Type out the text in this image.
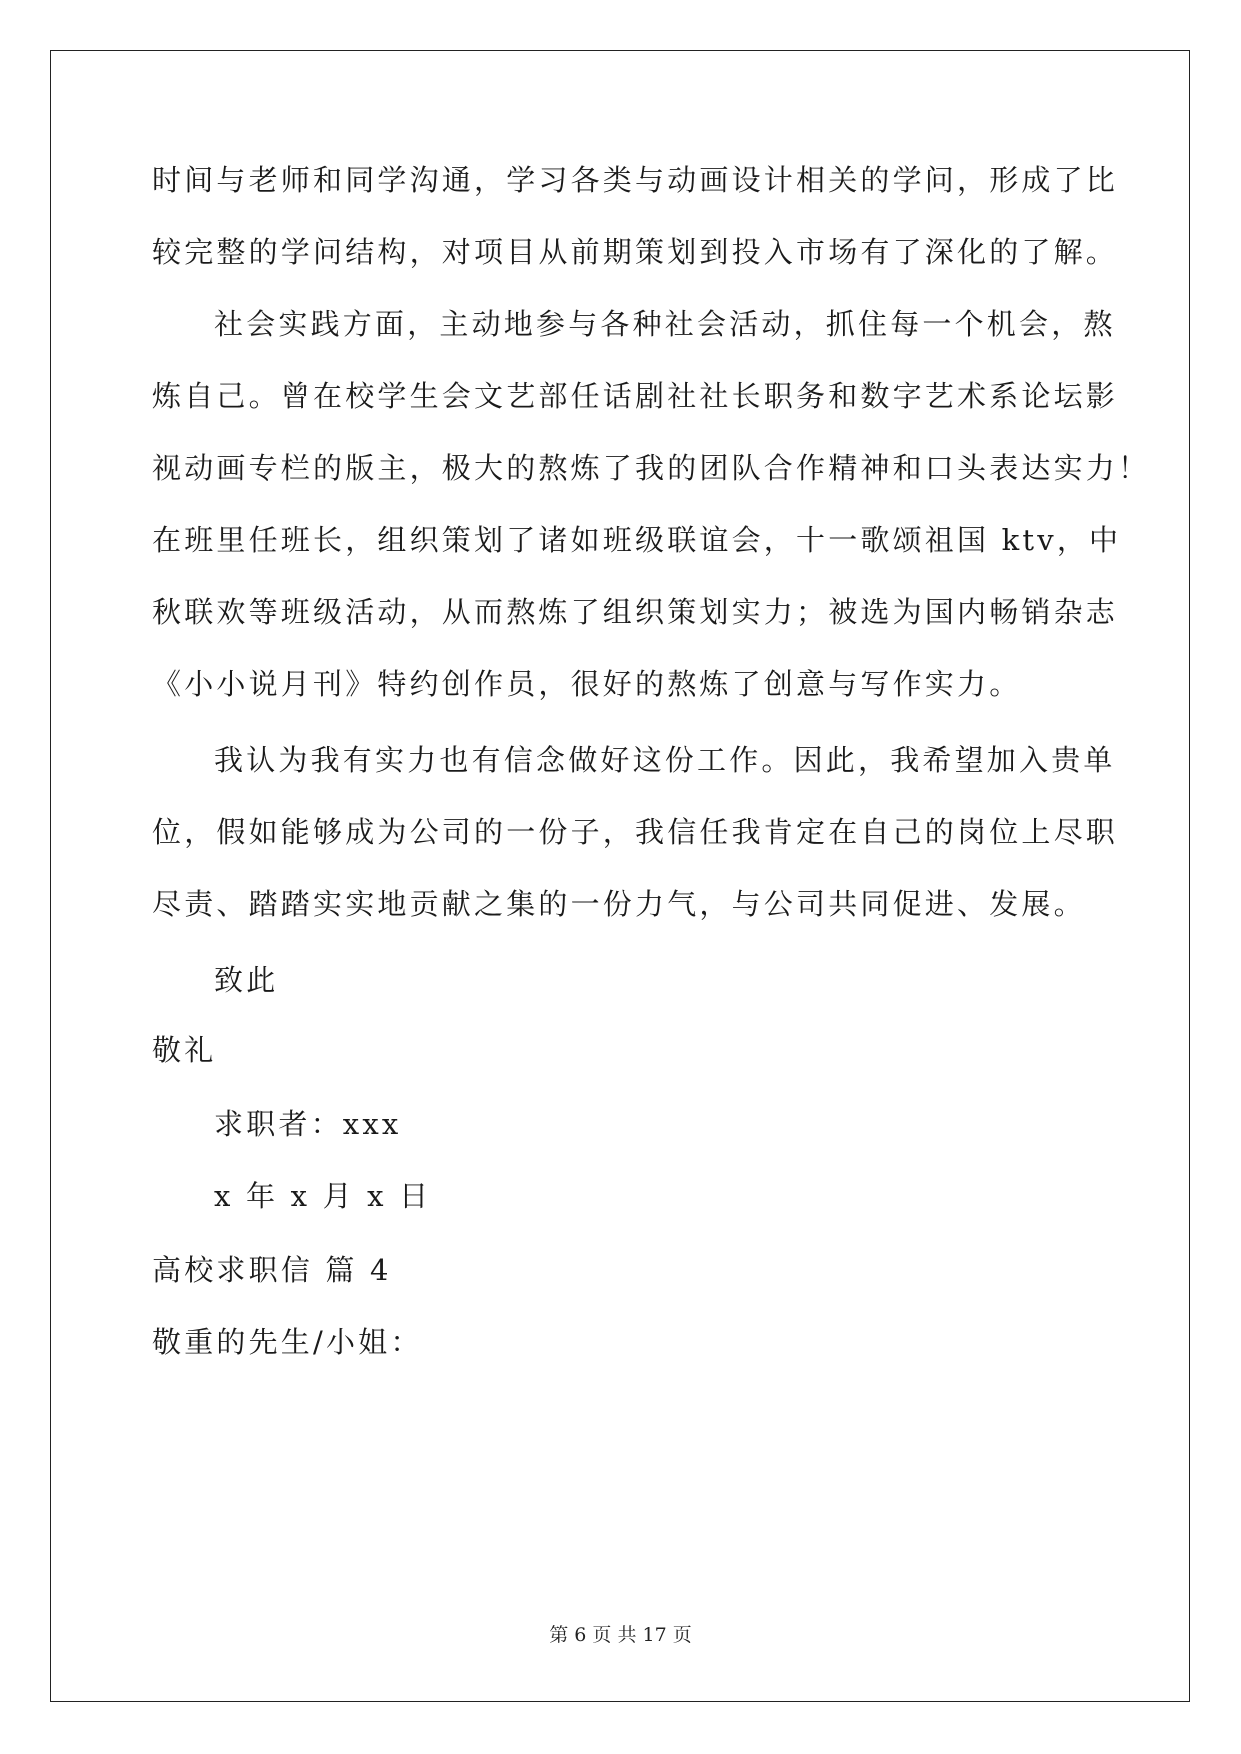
时间与老师和同学沟通，学习各类与动画设计相关的学问，形成了比
较完整的学问结构，对项目从前期策划到投入市场有了深化的了解。
社会实践方面，主动地参与各种社会活动，抓住每一个机会，熬
炼自己。曾在校学生会文艺部任话剧社社长职务和数字艺术系论坛影
视动画专栏的版主，极大的熬炼了我的团队合作精神和口头表达实力！
在班里任班长，组织策划了诸如班级联谊会，十一歌颂祖国 ktv，中
秋联欢等班级活动，从而熬炼了组织策划实力；被选为国内畅销杂志
《小小说月刊》特约创作员，很好的熬炼了创意与写作实力。
我认为我有实力也有信念做好这份工作。因此，我希望加入贵单
位，假如能够成为公司的一份子，我信任我肯定在自己的岗位上尽职
尽责、踏踏实实地贡献之集的一份力气，与公司共同促进、发展。
致此
敬礼
求职者：xxx
x 年 x 月 x 日
高校求职信 篇 4
敬重的先生/小姐：
第 6 页 共 17 页
